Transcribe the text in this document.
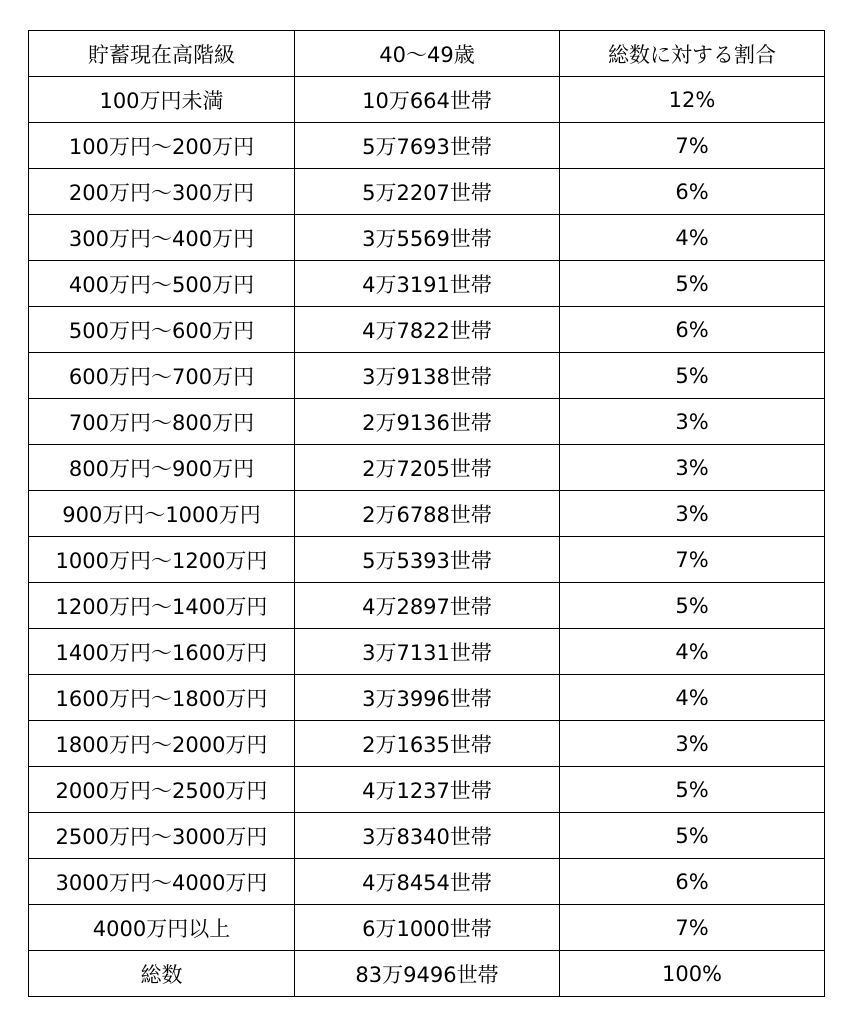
貯蓄現在高階級	40〜49歳	総数に対する割合
100万円未満	10万664世帯	12%
100万円〜200万円	5万7693世帯	7%
200万円〜300万円	5万2207世帯	6%
300万円〜400万円	3万5569世帯	4%
400万円〜500万円	4万3191世帯	5%
500万円〜600万円	4万7822世帯	6%
600万円〜700万円	3万9138世帯	5%
700万円〜800万円	2万9136世帯	3%
800万円〜900万円	2万7205世帯	3%
900万円〜1000万円	2万6788世帯	3%
1000万円〜1200万円	5万5393世帯	7%
1200万円〜1400万円	4万2897世帯	5%
1400万円〜1600万円	3万7131世帯	4%
1600万円〜1800万円	3万3996世帯	4%
1800万円〜2000万円	2万1635世帯	3%
2000万円〜2500万円	4万1237世帯	5%
2500万円〜3000万円	3万8340世帯	5%
3000万円〜4000万円	4万8454世帯	6%
4000万円以上	6万1000世帯	7%
総数	83万9496世帯	100%
